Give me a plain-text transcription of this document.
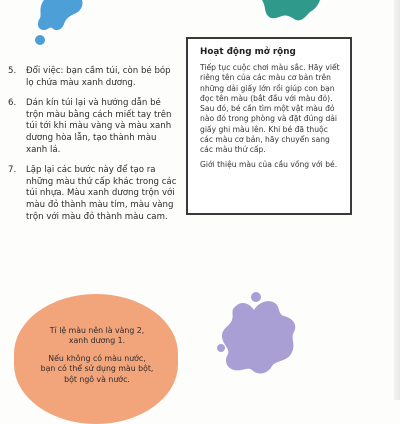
5.	Đổi việc: bạn cầm túi, còn bé bóp lọ chứa màu xanh dương.
6.	Dán kín túi lại và hướng dẫn bé trộn màu bằng cách miết tay trên túi tới khi màu vàng và màu xanh dương hòa lẫn, tạo thành màu xanh lá.
7.	Lặp lại các bước này để tạo ra những màu thứ cấp khác trong các túi nhựa. Màu xanh dương trộn với màu đỏ thành màu tím, màu vàng trộn với màu đỏ thành màu cam.
Hoạt động mở rộng
Tiếp tục cuộc chơi màu sắc. Hãy viết riêng tên của các màu cơ bản trên những dải giấy lớn rồi giúp con bạn đọc tên màu (bắt đầu với màu đỏ). Sau đó, bé cần tìm một vật màu đỏ nào đó trong phòng và đặt đúng dải giấy ghi màu lên. Khi bé đã thuộc các màu cơ bản, hãy chuyển sang các màu thứ cấp.
Giới thiệu màu của cầu vồng với bé.
Tỉ lệ màu nên là vàng 2, xanh dương 1.
Nếu không có màu nước, bạn có thể sử dụng màu bột, bột ngô và nước.
